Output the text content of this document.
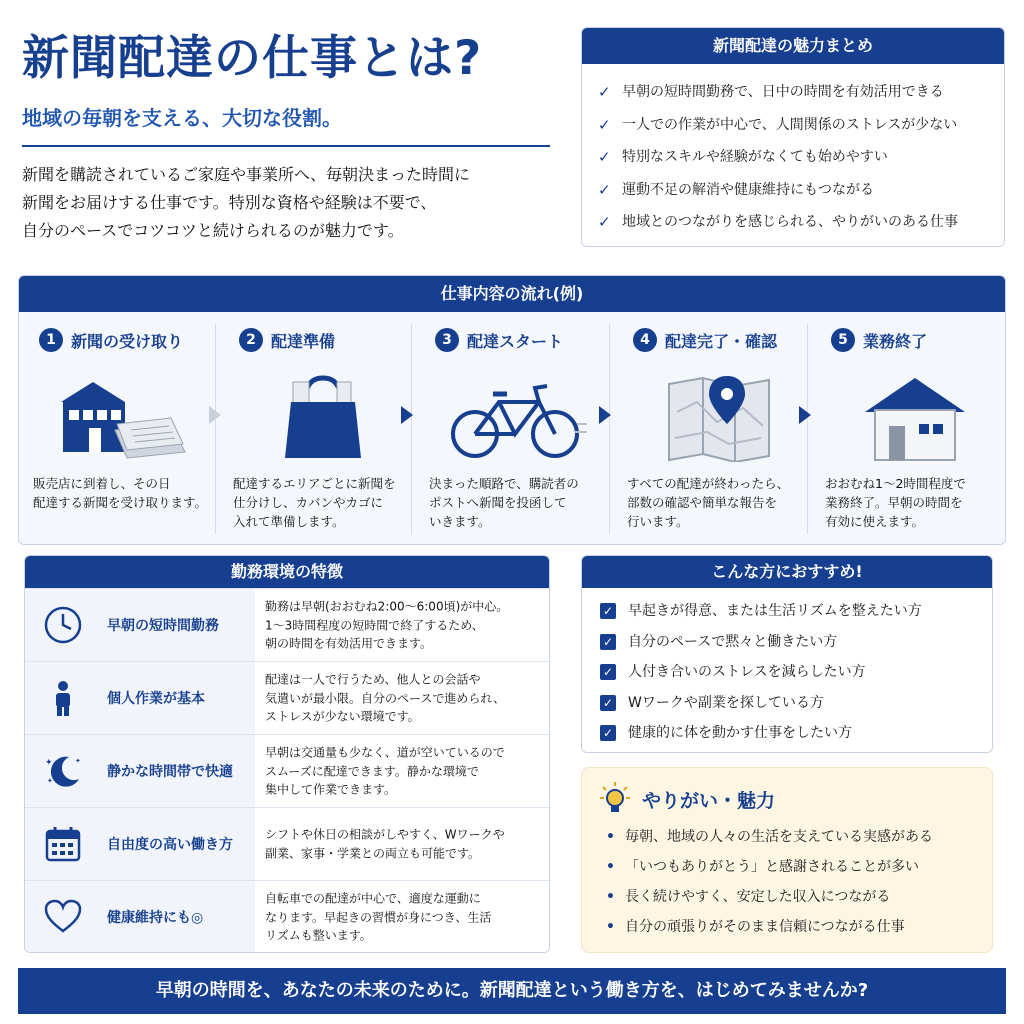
新聞配達の仕事とは?
地域の毎朝を支える、大切な役割。

新聞を購読されているご家庭や事業所へ、毎朝決まった時間に

新聞をお届けする仕事です。特別な資格や経験は不要で、

自分のペースでコツコツと続けられるのが魅力です。

新聞配達の魅力まとめ
✓ 早朝の短時間勤務で、日中の時間を有効活用できる
✓ 一人での作業が中心で、人間関係のストレスが少ない
✓ 特別なスキルや経験がなくても始めやすい
✓ 運動不足の解消や健康維持にもつながる
✓ 地域とのつながりを感じられる、やりがいのある仕事
仕事内容の流れ(例)
1 新聞の受け取り

販売店に到着し、その日

配達する新聞を受け取ります。

2 配達準備

配達するエリアごとに新聞を

仕分けし、カバンやカゴに

入れて準備します。

3 配達スタート

決まった順路で、購読者の

ポストへ新聞を投函して

いきます。

4 配達完了・確認

すべての配達が終わったら、

部数の確認や簡単な報告を

行います。

5 業務終了

おおむね1〜2時間程度で

業務終了。早朝の時間を

有効に使えます。

勤務環境の特徴
早朝の短時間勤務

勤務は早朝(おおむね2:00〜6:00頃)が中心。

1〜3時間程度の短時間で終了するため、

朝の時間を有効活用できます。

個人作業が基本

配達は一人で行うため、他人との会話や

気遣いが最小限。自分のペースで進められ、

ストレスが少ない環境です。

✦
✦
✦
静かな時間帯で快適

早朝は交通量も少なく、道が空いているので

スムーズに配達できます。静かな環境で

集中して作業できます。

自由度の高い働き方

シフトや休日の相談がしやすく、Wワークや

副業、家事・学業との両立も可能です。

健康維持にも◎

自転車での配達が中心で、適度な運動に

なります。早起きの習慣が身につき、生活

リズムも整います。

こんな方におすすめ!
✓ 早起きが得意、または生活リズムを整えたい方
✓ 自分のペースで黙々と働きたい方
✓ 人付き合いのストレスを減らしたい方
✓ Wワークや副業を探している方
✓ 健康的に体を動かす仕事をしたい方
やりがい・魅力
• 毎朝、地域の人々の生活を支えている実感がある
• 「いつもありがとう」と感謝されることが多い
• 長く続けやすく、安定した収入につながる
• 自分の頑張りがそのまま信頼につながる仕事
早朝の時間を、あなたの未来のために。新聞配達という働き方を、はじめてみませんか?
